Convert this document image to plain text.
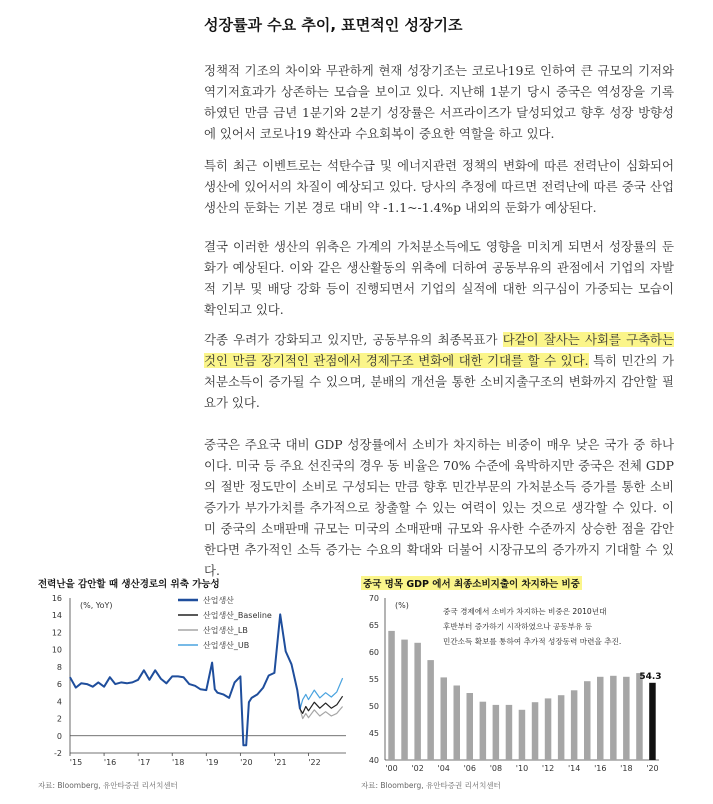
성장률과 수요 추이, 표면적인 성장기조

정책적 기조의 차이와 무관하게 현재 성장기조는 코로나19로 인하여 큰 규모의 기저와 역기저효과가 상존하는 모습을 보이고 있다. 지난해 1분기 당시 중국은 역성장을 기록하였던 만큼 금년 1분기와 2분기 성장률은 서프라이즈가 달성되었고 향후 성장 방향성에 있어서 코로나19 확산과 수요회복이 중요한 역할을 하고 있다.

특히 최근 이벤트로는 석탄수급 및 에너지관련 정책의 변화에 따른 전력난이 심화되어 생산에 있어서의 차질이 예상되고 있다. 당사의 추정에 따르면 전력난에 따른 중국 산업생산의 둔화는 기본 경로 대비 약 -1.1~-1.4%p 내외의 둔화가 예상된다.

결국 이러한 생산의 위축은 가계의 가처분소득에도 영향을 미치게 되면서 성장률의 둔화가 예상된다. 이와 같은 생산활동의 위축에 더하여 공동부유의 관점에서 기업의 자발적 기부 및 배당 강화 등이 진행되면서 기업의 실적에 대한 의구심이 가중되는 모습이 확인되고 있다.

각종 우려가 강화되고 있지만, 공동부유의 최종목표가 다같이 잘사는 사회를 구축하는 것인 만큼 장기적인 관점에서 경제구조 변화에 대한 기대를 할 수 있다. 특히 민간의 가처분소득이 증가될 수 있으며, 분배의 개선을 통한 소비지출구조의 변화까지 감안할 필요가 있다.

중국은 주요국 대비 GDP 성장률에서 소비가 차지하는 비중이 매우 낮은 국가 중 하나이다. 미국 등 주요 선진국의 경우 동 비율은 70% 수준에 육박하지만 중국은 전체 GDP의 절반 정도만이 소비로 구성되는 만큼 향후 민간부문의 가처분소득 증가를 통한 소비 증가가 부가가치를 추가적으로 창출할 수 있는 여력이 있는 것으로 생각할 수 있다. 이미 중국의 소매판매 규모는 미국의 소매판매 규모와 유사한 수준까지 상승한 점을 감안한다면 추가적인 소득 증가는 수요의 확대와 더불어 시장규모의 증가까지 기대할 수 있다.

전력난을 감안할 때 생산경로의 위축 가능성	중국 명목 GDP 에서 최종소비지출이 차지하는 비중
-2
0
2
4
6
8
10
12
14
16
'15	'16	'17	'18	'19	'20	'21	'22
(%, YoY)
산업생산
산업생산_Baseline
산업생산_LB
산업생산_UB
40
45
50
55
60
65
70
(%)
'00 '02 '04 '06 '08 '10 '12 '14 '16 '18 '20
54.3
중국 경제에서 소비가 차지하는 비중은 2010년대
후반부터 증가하기 시작하였으나 공동부유 등
민간소득 확보를 통하여 추가적 성장동력 마련을 추진.
자료: Bloomberg, 유안타증권 리서치센터	자료: Bloomberg, 유안타증권 리서치센터
